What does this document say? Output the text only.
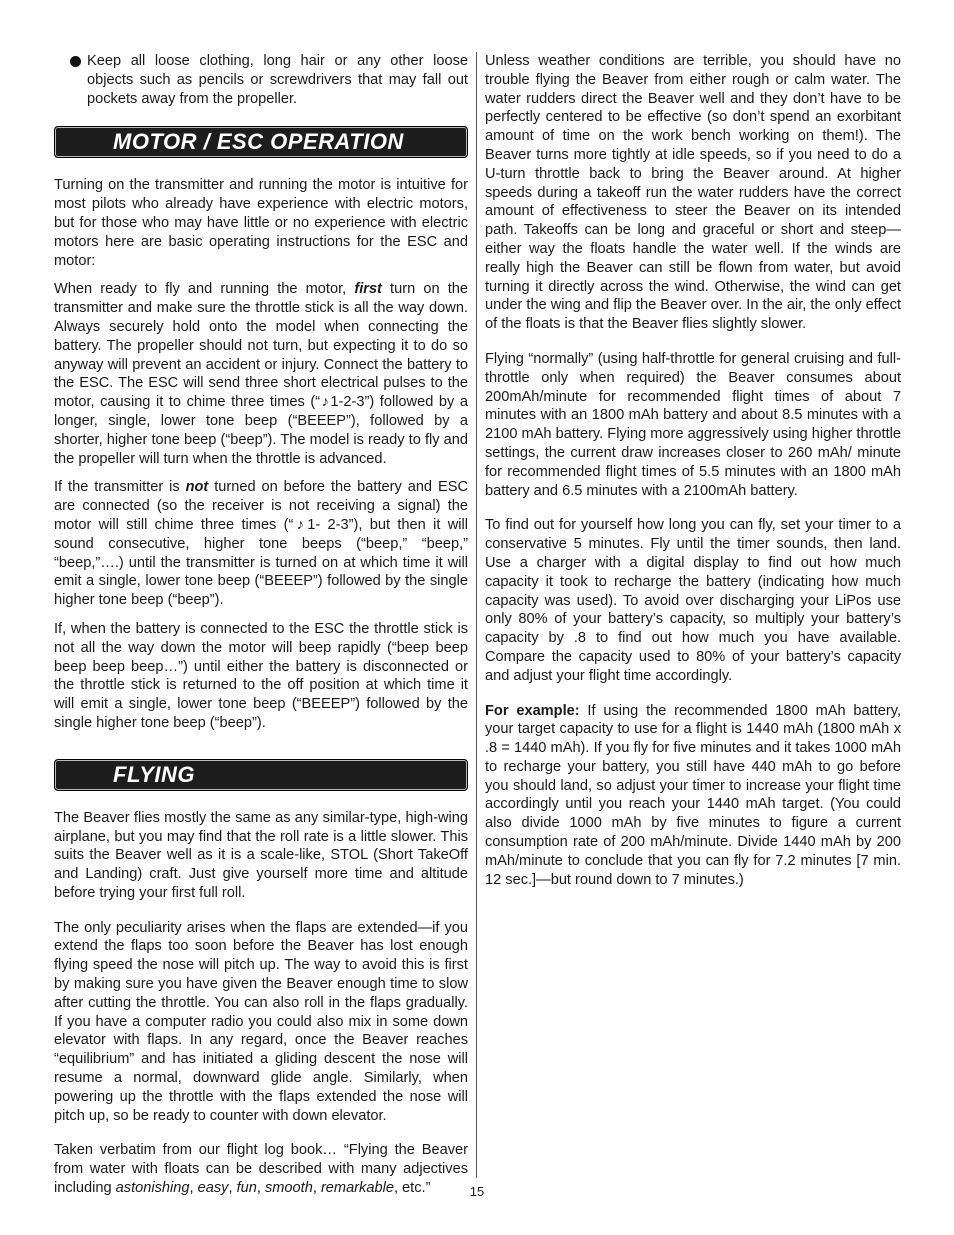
Keep all loose clothing, long hair or any other loose objects such as pencils or screwdrivers that may fall out pockets away from the propeller.

MOTOR / ESC OPERATION

Turning on the transmitter and running the motor is intuitive for most pilots who already have experience with electric motors, but for those who may have little or no experience with electric motors here are basic operating instructions for the ESC and motor:

When ready to fly and running the motor, first turn on the transmitter and make sure the throttle stick is all the way down. Always securely hold onto the model when connecting the battery. The propeller should not turn, but expecting it to do so anyway will prevent an accident or injury. Connect the battery to the ESC. The ESC will send three short electrical pulses to the motor, causing it to chime three times (“♪1-2-3”) followed by a longer, single, lower tone beep (“BEEEP”), followed by a shorter, higher tone beep (“beep”). The model is ready to fly and the propeller will turn when the throttle is advanced.

If the transmitter is not turned on before the battery and ESC are connected (so the receiver is not receiving a signal) the motor will still chime three times (“♪1- 2-3”), but then it will sound consecutive, higher tone beeps (“beep,” “beep,” “beep,”….) until the transmitter is turned on at which time it will emit a single, lower tone beep (“BEEEP”) followed by the single higher tone beep (“beep”).

If, when the battery is connected to the ESC the throttle stick is not all the way down the motor will beep rapidly (“beep beep beep beep beep…”) until either the battery is disconnected or the throttle stick is returned to the off position at which time it will emit a single, lower tone beep (“BEEEP”) followed by the single higher tone beep (“beep”).

FLYING

The Beaver flies mostly the same as any similar-type, high-wing airplane, but you may find that the roll rate is a little slower. This suits the Beaver well as it is a scale-like, STOL (Short TakeOff and Landing) craft. Just give yourself more time and altitude before trying your first full roll.

The only peculiarity arises when the flaps are extended—if you extend the flaps too soon before the Beaver has lost enough flying speed the nose will pitch up. The way to avoid this is first by making sure you have given the Beaver enough time to slow after cutting the throttle. You can also roll in the flaps gradually. If you have a computer radio you could also mix in some down elevator with flaps. In any regard, once the Beaver reaches “equilibrium” and has initiated a gliding descent the nose will resume a normal, downward glide angle. Similarly, when powering up the throttle with the flaps extended the nose will pitch up, so be ready to counter with down elevator.

Taken verbatim from our flight log book… “Flying the Beaver from water with floats can be described with many adjectives including astonishing, easy, fun, smooth, remarkable, etc.”

Unless weather conditions are terrible, you should have no trouble flying the Beaver from either rough or calm water. The water rudders direct the Beaver well and they don’t have to be perfectly centered to be effective (so don’t spend an exorbitant amount of time on the work bench working on them!). The Beaver turns more tightly at idle speeds, so if you need to do a U-turn throttle back to bring the Beaver around. At higher speeds during a takeoff run the water rudders have the correct amount of effectiveness to steer the Beaver on its intended path. Takeoffs can be long and graceful or short and steep—either way the floats handle the water well. If the winds are really high the Beaver can still be flown from water, but avoid turning it directly across the wind. Otherwise, the wind can get under the wing and flip the Beaver over. In the air, the only effect of the floats is that the Beaver flies slightly slower.

Flying “normally” (using half-throttle for general cruising and full-throttle only when required) the Beaver consumes about 200mAh/minute for recommended flight times of about 7 minutes with an 1800 mAh battery and about 8.5 minutes with a 2100 mAh battery. Flying more aggressively using higher throttle settings, the current draw increases closer to 260 mAh/ minute for recommended flight times of 5.5 minutes with an 1800 mAh battery and 6.5 minutes with a 2100mAh battery.

To find out for yourself how long you can fly, set your timer to a conservative 5 minutes. Fly until the timer sounds, then land. Use a charger with a digital display to find out how much capacity it took to recharge the battery (indicating how much capacity was used). To avoid over discharging your LiPos use only 80% of your battery’s capacity, so multiply your battery’s capacity by .8 to find out how much you have available. Compare the capacity used to 80% of your battery’s capacity and adjust your flight time accordingly.

For example: If using the recommended 1800 mAh battery, your target capacity to use for a flight is 1440 mAh (1800 mAh x .8 = 1440 mAh). If you fly for five minutes and it takes 1000 mAh to recharge your battery, you still have 440 mAh to go before you should land, so adjust your timer to increase your flight time accordingly until you reach your 1440 mAh target. (You could also divide 1000 mAh by five minutes to figure a current consumption rate of 200 mAh/minute. Divide 1440 mAh by 200 mAh/minute to conclude that you can fly for 7.2 minutes [7 min. 12 sec.]—but round down to 7 minutes.)

15
